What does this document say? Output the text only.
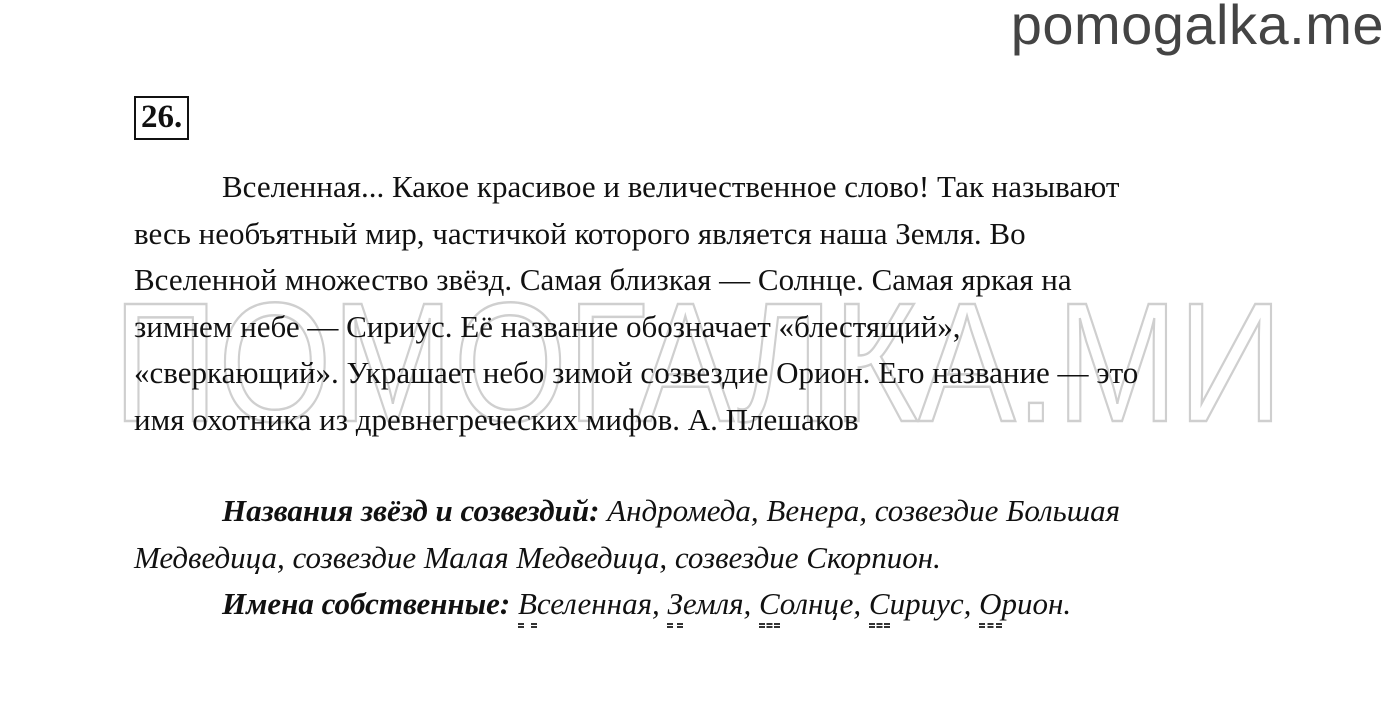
pomogalka.me
ПОМОГАЛКА.МИ
26.
Вселенная... Какое красивое и величественное слово! Так называют
весь необъятный мир, частичкой которого является наша Земля. Во
Вселенной множество звёзд. Самая близкая — Солнце. Самая яркая на
зимнем небе — Сириус. Её название обозначает «блестящий»,
«сверкающий». Украшает небо зимой созвездие Орион. Его название — это
имя охотника из древнегреческих мифов. А. Плешаков
Названия звёзд и созвездий: Андромеда, Венера, созвездие Большая
Медведица, созвездие Малая Медведица, созвездие Скорпион.
Имена собственные: Вселенная, Земля, Солнце, Сириус, Орион.
